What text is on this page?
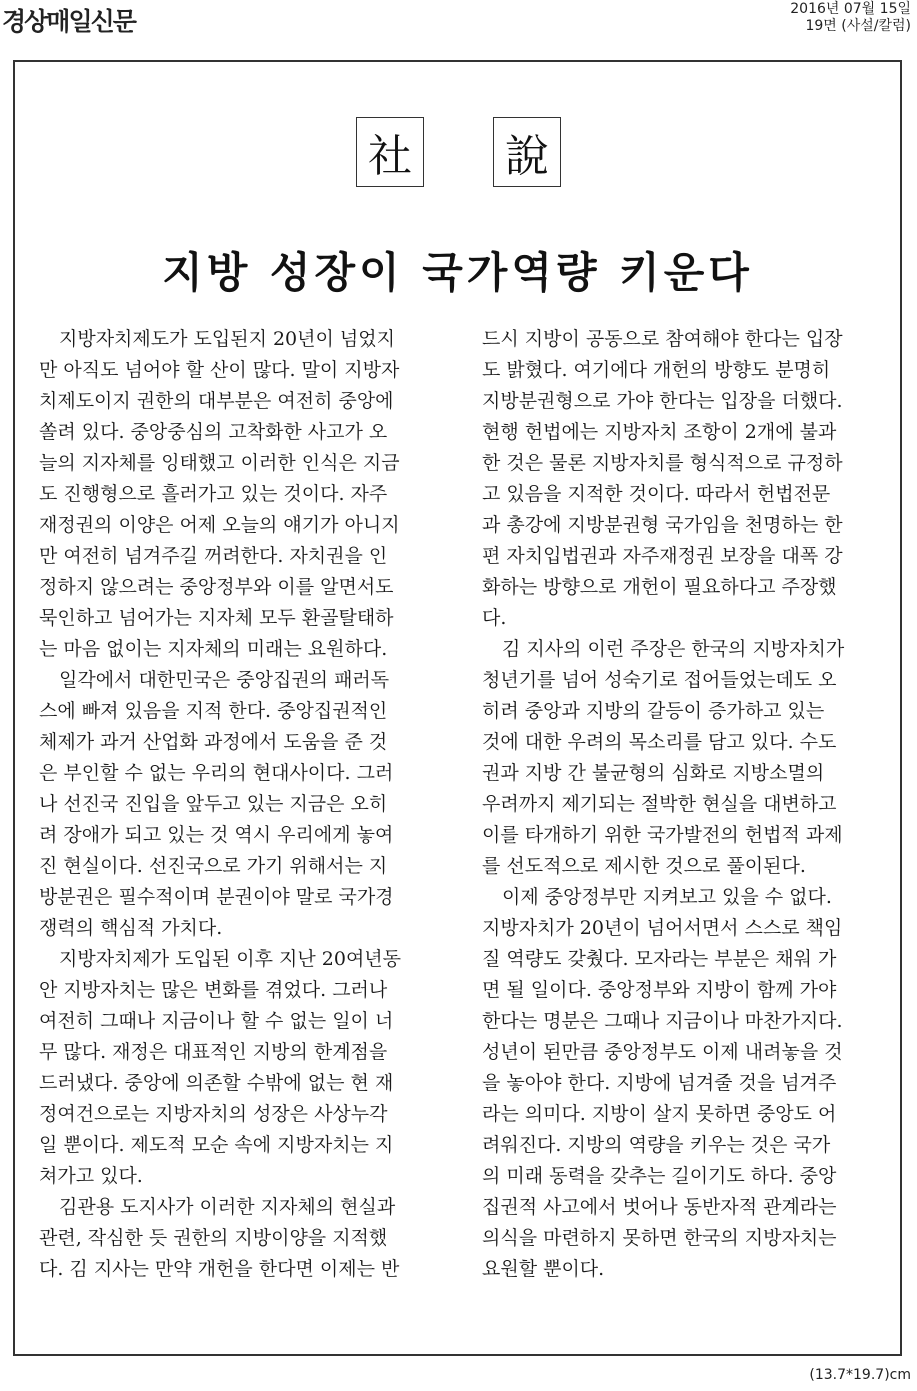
경상매일신문	2016년 07월 15일
19면 (사설/칼럼)
社 說
지방 성장이 국가역량 키운다
지방자치제도가 도입된지 20년이 넘었지
만 아직도 넘어야 할 산이 많다. 말이 지방자
치제도이지 권한의 대부분은 여전히 중앙에
쏠려 있다. 중앙중심의 고착화한 사고가 오
늘의 지자체를 잉태했고 이러한 인식은 지금
도 진행형으로 흘러가고 있는 것이다. 자주
재정권의 이양은 어제 오늘의 얘기가 아니지
만 여전히 넘겨주길 꺼려한다. 자치권을 인
정하지 않으려는 중앙정부와 이를 알면서도
묵인하고 넘어가는 지자체 모두 환골탈태하
는 마음 없이는 지자체의 미래는 요원하다.
일각에서 대한민국은 중앙집권의 패러독
스에 빠져 있음을 지적 한다. 중앙집권적인
체제가 과거 산업화 과정에서 도움을 준 것
은 부인할 수 없는 우리의 현대사이다. 그러
나 선진국 진입을 앞두고 있는 지금은 오히
려 장애가 되고 있는 것 역시 우리에게 놓여
진 현실이다. 선진국으로 가기 위해서는 지
방분권은 필수적이며 분권이야 말로 국가경
쟁력의 핵심적 가치다.
지방자치제가 도입된 이후 지난 20여년동
안 지방자치는 많은 변화를 겪었다. 그러나
여전히 그때나 지금이나 할 수 없는 일이 너
무 많다. 재정은 대표적인 지방의 한계점을
드러냈다. 중앙에 의존할 수밖에 없는 현 재
정여건으로는 지방자치의 성장은 사상누각
일 뿐이다. 제도적 모순 속에 지방자치는 지
쳐가고 있다.
김관용 도지사가 이러한 지자체의 현실과
관련, 작심한 듯 권한의 지방이양을 지적했
다. 김 지사는 만약 개헌을 한다면 이제는 반
드시 지방이 공동으로 참여해야 한다는 입장
도 밝혔다. 여기에다 개헌의 방향도 분명히
지방분권형으로 가야 한다는 입장을 더했다.
현행 헌법에는 지방자치 조항이 2개에 불과
한 것은 물론 지방자치를 형식적으로 규정하
고 있음을 지적한 것이다. 따라서 헌법전문
과 총강에 지방분권형 국가임을 천명하는 한
편 자치입법권과 자주재정권 보장을 대폭 강
화하는 방향으로 개헌이 필요하다고 주장했
다.
김 지사의 이런 주장은 한국의 지방자치가
청년기를 넘어 성숙기로 접어들었는데도 오
히려 중앙과 지방의 갈등이 증가하고 있는
것에 대한 우려의 목소리를 담고 있다. 수도
권과 지방 간 불균형의 심화로 지방소멸의
우려까지 제기되는 절박한 현실을 대변하고
이를 타개하기 위한 국가발전의 헌법적 과제
를 선도적으로 제시한 것으로 풀이된다.
이제 중앙정부만 지켜보고 있을 수 없다.
지방자치가 20년이 넘어서면서 스스로 책임
질 역량도 갖췄다. 모자라는 부분은 채워 가
면 될 일이다. 중앙정부와 지방이 함께 가야
한다는 명분은 그때나 지금이나 마찬가지다.
성년이 된만큼 중앙정부도 이제 내려놓을 것
을 놓아야 한다. 지방에 넘겨줄 것을 넘겨주
라는 의미다. 지방이 살지 못하면 중앙도 어
려워진다. 지방의 역량을 키우는 것은 국가
의 미래 동력을 갖추는 길이기도 하다. 중앙
집권적 사고에서 벗어나 동반자적 관계라는
의식을 마련하지 못하면 한국의 지방자치는
요원할 뿐이다.
(13.7*19.7)cm
